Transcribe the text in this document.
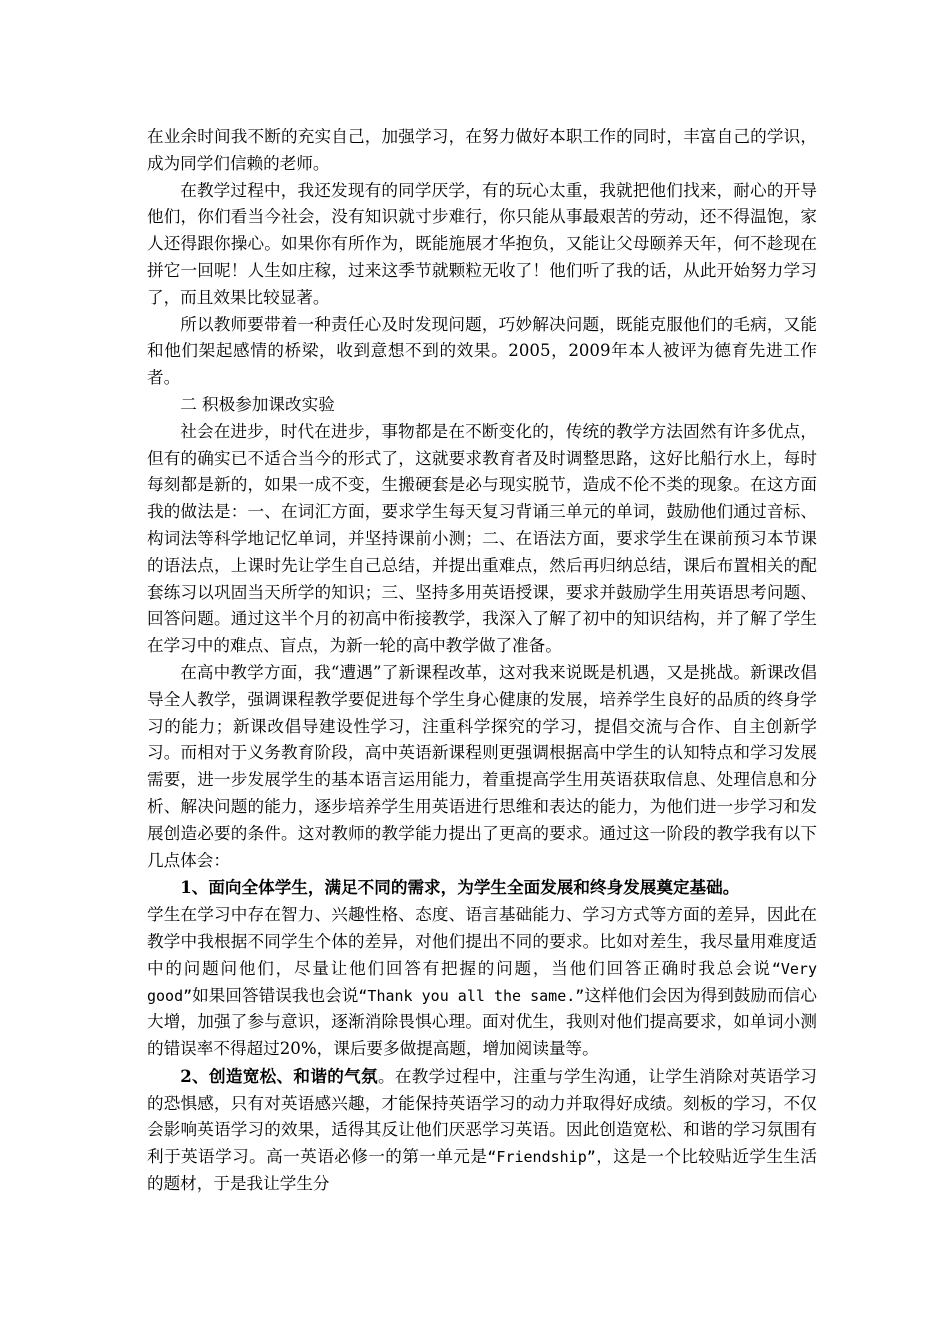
在业余时间我不断的充实自己，加强学习，在努力做好本职工作的同时，丰富自己的学识，成为同学们信赖的老师。

在教学过程中，我还发现有的同学厌学，有的玩心太重，我就把他们找来，耐心的开导他们，你们看当今社会，没有知识就寸步难行，你只能从事最艰苦的劳动，还不得温饱，家人还得跟你操心。如果你有所作为，既能施展才华抱负，又能让父母颐养天年，何不趁现在拼它一回呢！人生如庄稼，过来这季节就颗粒无收了！他们听了我的话，从此开始努力学习了，而且效果比较显著。

所以教师要带着一种责任心及时发现问题，巧妙解决问题，既能克服他们的毛病，又能和他们架起感情的桥梁，收到意想不到的效果。2005，2009年本人被评为德育先进工作者。

二 积极参加课改实验

社会在进步，时代在进步，事物都是在不断变化的，传统的教学方法固然有许多优点，但有的确实已不适合当今的形式了，这就要求教育者及时调整思路，这好比船行水上，每时每刻都是新的，如果一成不变，生搬硬套是必与现实脱节，造成不伦不类的现象。在这方面我的做法是：一、在词汇方面，要求学生每天复习背诵三单元的单词，鼓励他们通过音标、构词法等科学地记忆单词，并坚持课前小测；二、在语法方面，要求学生在课前预习本节课的语法点，上课时先让学生自己总结，并提出重难点，然后再归纳总结，课后布置相关的配套练习以巩固当天所学的知识；三、坚持多用英语授课，要求并鼓励学生用英语思考问题、回答问题。通过这半个月的初高中衔接教学，我深入了解了初中的知识结构，并了解了学生在学习中的难点、盲点，为新一轮的高中教学做了准备。

在高中教学方面，我“遭遇”了新课程改革，这对我来说既是机遇，又是挑战。新课改倡导全人教学，强调课程教学要促进每个学生身心健康的发展，培养学生良好的品质的终身学习的能力；新课改倡导建设性学习，注重科学探究的学习，提倡交流与合作、自主创新学习。而相对于义务教育阶段，高中英语新课程则更强调根据高中学生的认知特点和学习发展需要，进一步发展学生的基本语言运用能力，着重提高学生用英语获取信息、处理信息和分析、解决问题的能力，逐步培养学生用英语进行思维和表达的能力，为他们进一步学习和发展创造必要的条件。这对教师的教学能力提出了更高的要求。通过这一阶段的教学我有以下几点体会：

1、面向全体学生，满足不同的需求，为学生全面发展和终身发展奠定基础。

学生在学习中存在智力、兴趣性格、态度、语言基础能力、学习方式等方面的差异，因此在教学中我根据不同学生个体的差异，对他们提出不同的要求。比如对差生，我尽量用难度适中的问题问他们，尽量让他们回答有把握的问题，当他们回答正确时我总会说“Very good”如果回答错误我也会说“Thank you all the same.”这样他们会因为得到鼓励而信心大增，加强了参与意识，逐渐消除畏惧心理。面对优生，我则对他们提高要求，如单词小测的错误率不得超过20%，课后要多做提高题，增加阅读量等。

2、创造宽松、和谐的气氛。在教学过程中，注重与学生沟通，让学生消除对英语学习的恐惧感，只有对英语感兴趣，才能保持英语学习的动力并取得好成绩。刻板的学习，不仅会影响英语学习的效果，适得其反让他们厌恶学习英语。因此创造宽松、和谐的学习氛围有利于英语学习。高一英语必修一的第一单元是“Friendship”，这是一个比较贴近学生生活的题材，于是我让学生分
